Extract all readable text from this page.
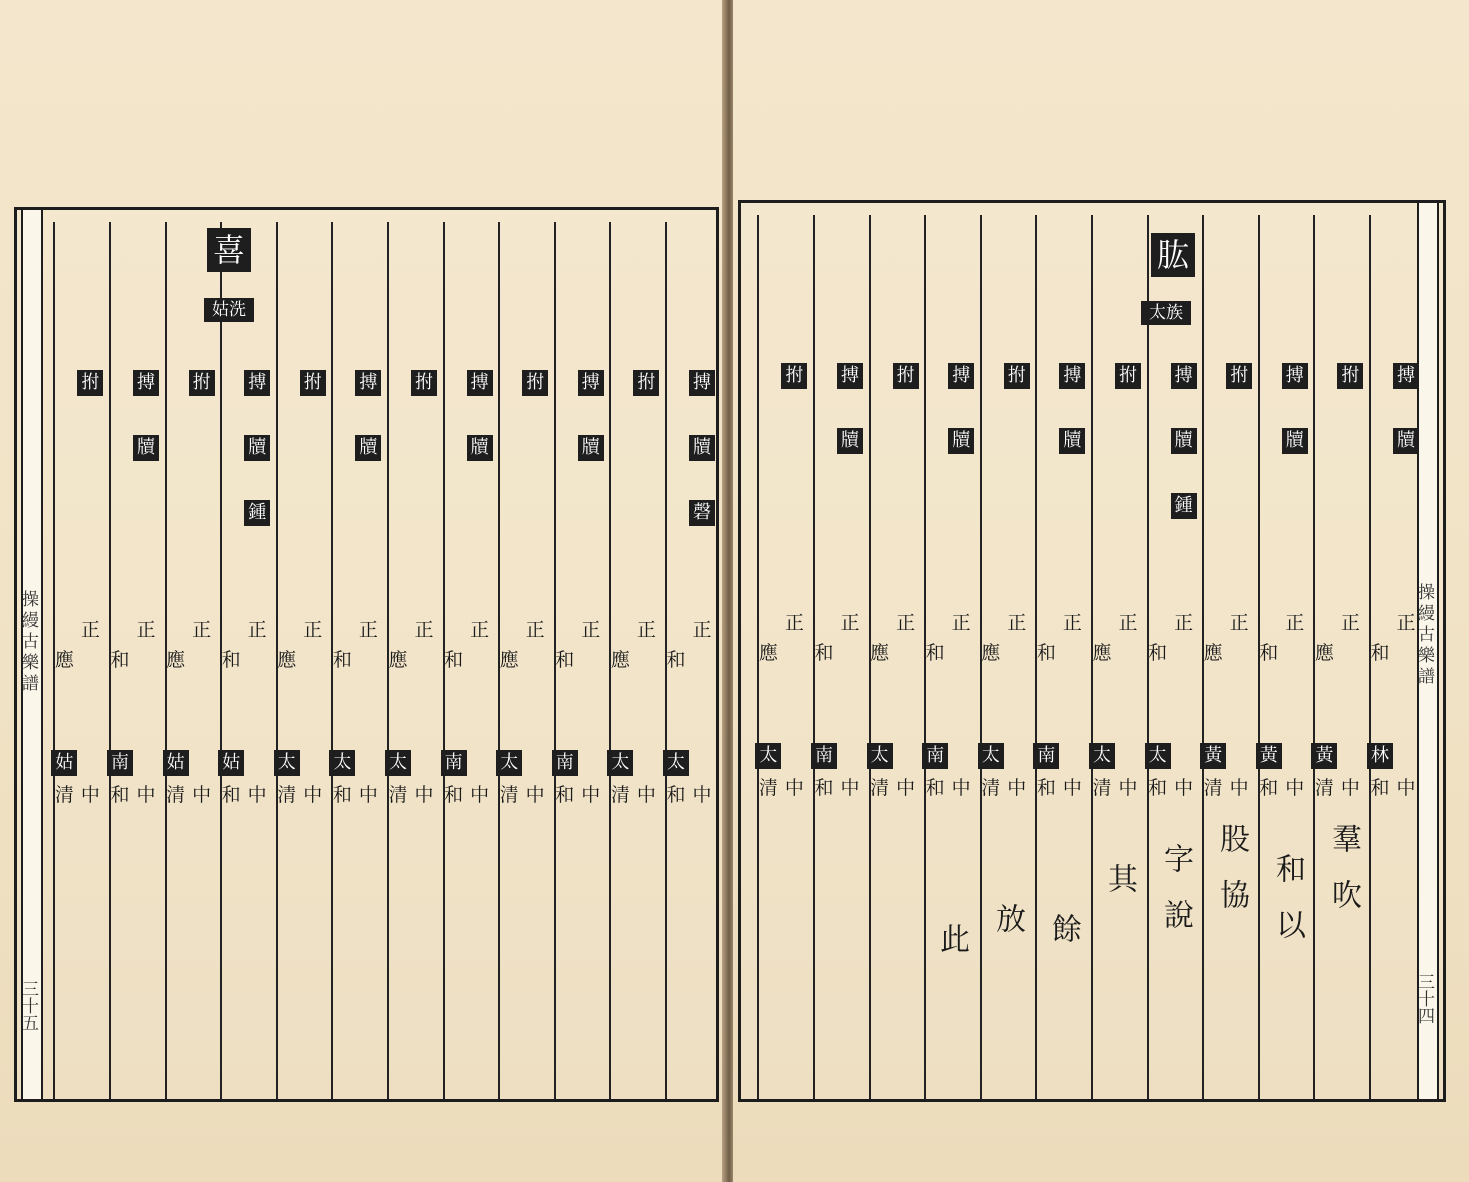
操縵古樂譜
三十五
搏
牘
磬
正
和
太
中
和
拊
正
應
太
中
清
搏
牘
正
和
南
中
和
拊
正
應
太
中
清
搏
牘
正
和
南
中
和
拊
正
應
太
中
清
搏
牘
正
和
太
中
和
拊
正
應
太
中
清
搏
牘
鍾
正
和
姑
中
和
拊
正
應
姑
中
清
搏
牘
正
和
南
中
和
拊
正
應
姑
中
清
喜
姑洗
操縵古樂譜
三十四
搏
牘
正
和
林
中
和
拊
正
應
黃
中
清
搏
牘
正
和
黃
中
和
拊
正
應
黃
中
清
搏
牘
鍾
正
和
太
中
和
拊
正
應
太
中
清
搏
牘
正
和
南
中
和
拊
正
應
太
中
清
搏
牘
正
和
南
中
和
拊
正
應
太
中
清
搏
牘
正
和
南
中
和
拊
正
應
太
中
清
肱
太族
羣吹
和以
股協
字說
其
餘
放
此
